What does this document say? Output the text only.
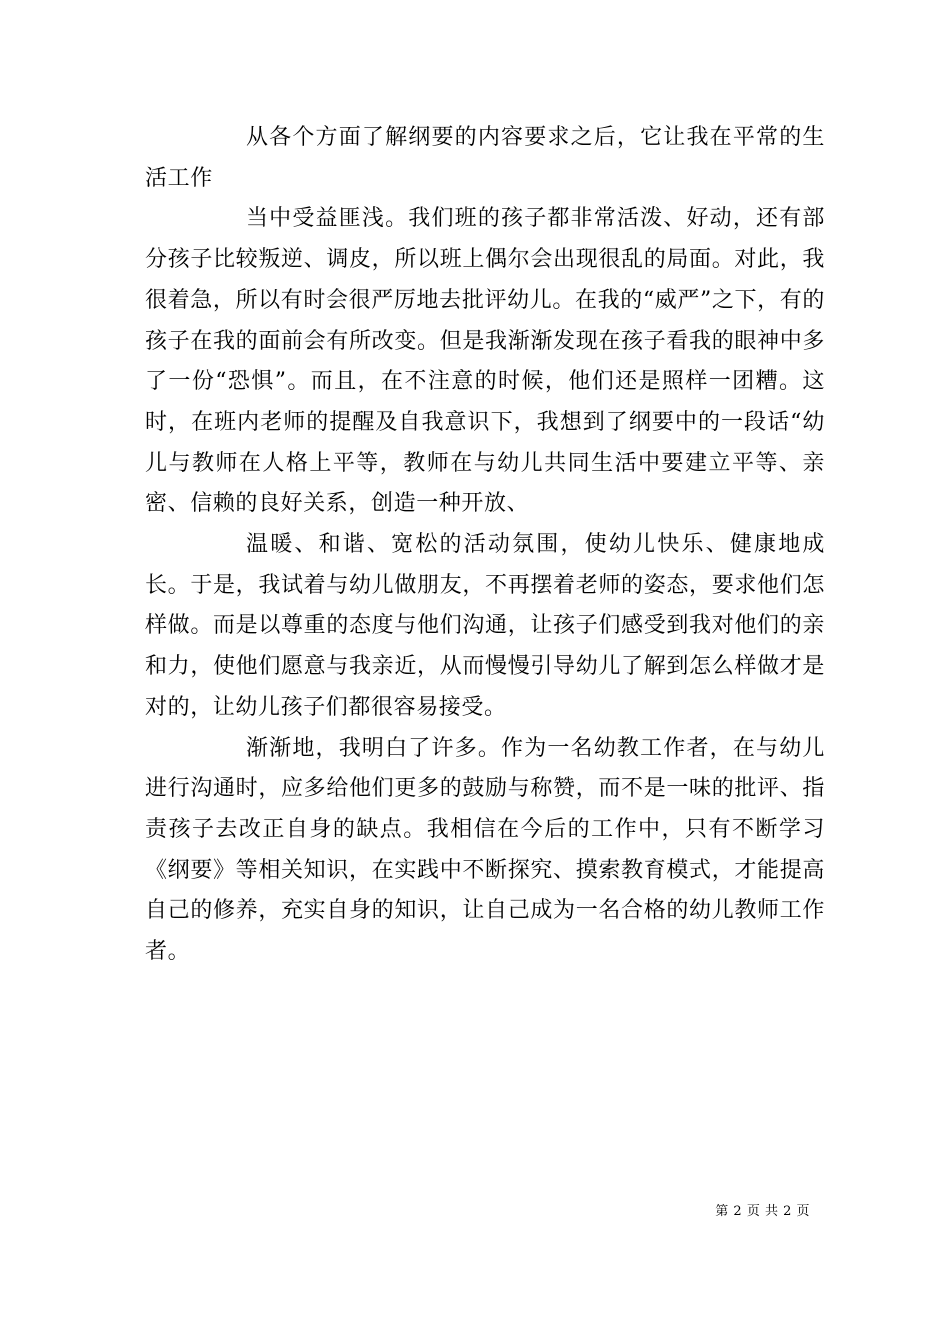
从各个方面了解纲要的内容要求之后，它让我在平常的生活工作

当中受益匪浅。我们班的孩子都非常活泼、好动，还有部分孩子比较叛逆、调皮，所以班上偶尔会出现很乱的局面。对此，我很着急，所以有时会很严厉地去批评幼儿。在我的“威严”之下，有的孩子在我的面前会有所改变。但是我渐渐发现在孩子看我的眼神中多了一份“恐惧”。而且，在不注意的时候，他们还是照样一团糟。这时，在班内老师的提醒及自我意识下，我想到了纲要中的一段话“幼儿与教师在人格上平等，教师在与幼儿共同生活中要建立平等、亲密、信赖的良好关系，创造一种开放、

温暖、和谐、宽松的活动氛围，使幼儿快乐、健康地成长。于是，我试着与幼儿做朋友，不再摆着老师的姿态，要求他们怎样做。而是以尊重的态度与他们沟通，让孩子们感受到我对他们的亲和力，使他们愿意与我亲近，从而慢慢引导幼儿了解到怎么样做才是对的，让幼儿孩子们都很容易接受。

渐渐地，我明白了许多。作为一名幼教工作者，在与幼儿进行沟通时，应多给他们更多的鼓励与称赞，而不是一味的批评、指责孩子去改正自身的缺点。我相信在今后的工作中，只有不断学习《纲要》等相关知识，在实践中不断探究、摸索教育模式，才能提高自己的修养，充实自身的知识，让自己成为一名合格的幼儿教师工作者。

第 2 页 共 2 页
